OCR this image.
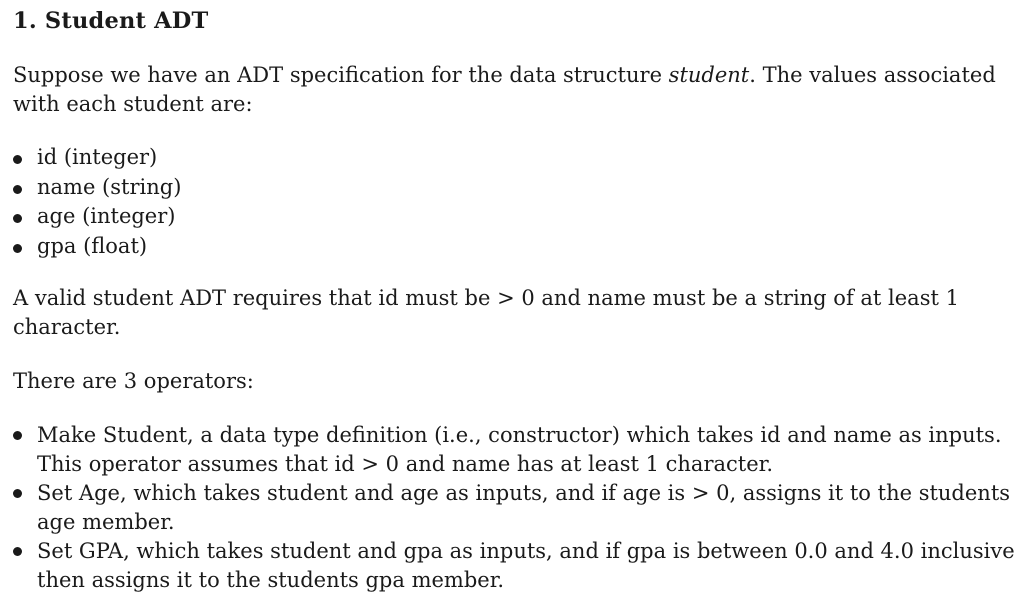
1. Student ADT

Suppose we have an ADT specification for the data structure student. The values associated
with each student are:

id (integer)
name (string)
age (integer)
gpa (float)

A valid student ADT requires that id must be > 0 and name must be a string of at least 1
character.

There are 3 operators:

Make Student, a data type definition (i.e., constructor) which takes id and name as inputs.
This operator assumes that id > 0 and name has at least 1 character.
Set Age, which takes student and age as inputs, and if age is > 0, assigns it to the students
age member.
Set GPA, which takes student and gpa as inputs, and if gpa is between 0.0 and 4.0 inclusive
then assigns it to the students gpa member.
